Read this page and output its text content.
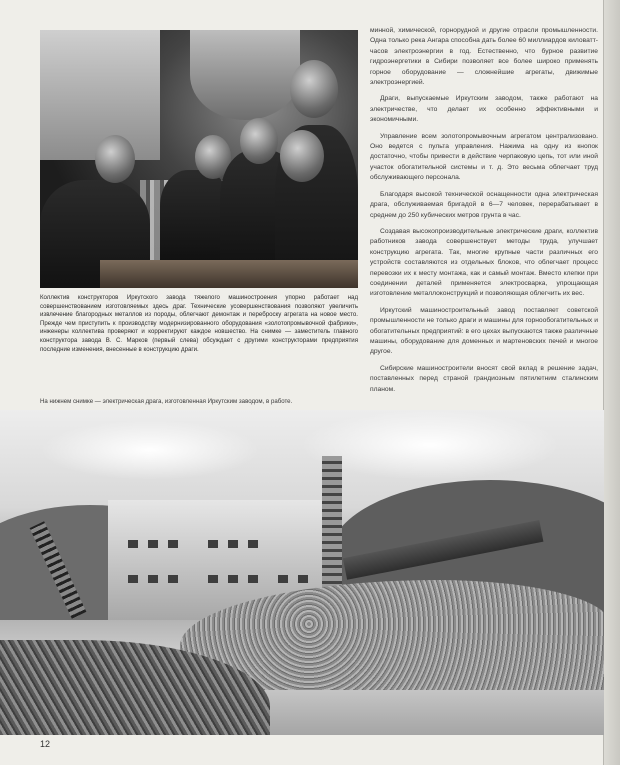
Коллектив конструкторов Иркутского завода тяжелого машиностроения упорно работает над совершенствованием изготовляемых здесь драг. Технические усовершенствования позволяют увеличить извлечение благородных металлов из породы, облегчают демонтаж и переброску агрегата на новое место. Прежде чем приступить к производству модернизированного оборудования «золотопромывочной фабрики», инженеры коллектива проверяют и корректируют каждое новшество. На снимке — заместитель главного конструктора завода В. С. Марков (первый слева) обсуждает с другими конструкторами предприятия последние изменения, внесенные в конструкцию драги.

минной, химической, горнорудной и другие отрасли промышленности. Одна только река Ангара способна дать более 60 миллиардов киловатт-часов электроэнергии в год. Естественно, что бурное развитие гидроэнергетики в Сибири позволяет все более широко применять горное оборудование — сложнейшие агрегаты, движимые электроэнергией.

Драги, выпускаемые Иркутским заводом, также работают на электричестве, что делает их особенно эффективными и экономичными.

Управление всем золотопромывочным агрегатом централизовано. Оно ведется с пульта управления. Нажима на одну из кнопок достаточно, чтобы привести в действие черпаковую цепь, тот или иной участок обогатительной системы и т. д. Это весьма облегчает труд обслуживающего персонала.

Благодаря высокой технической оснащенности одна электрическая драга, обслуживаемая бригадой в 6—7 человек, перерабатывает в среднем до 250 кубических метров грунта в час.

Создавая высокопроизводительные электрические драги, коллектив работников завода совершенствует методы труда, улучшает конструкцию агрегата. Так, многие крупные части различных его устройств составляются из отдельных блоков, что облегчает процесс перевозки их к месту монтажа, как и самый монтаж. Вместо клепки при соединении деталей применяется электросварка, упрощающая изготовление металлоконструкций и позволяющая облегчить их вес.

Иркутский машиностроительный завод поставляет советской промышленности не только драги и машины для горнообогатительных и обогатительных предприятий: в его цехах выпускаются также различные машины, оборудование для доменных и мартеновских печей и многое другое.

Сибирские машиностроители вносят свой вклад в решение задач, поставленных перед страной грандиозным пятилетним сталинским планом.

На нижнем снимке — электрическая драга, изготовленная Иркутским заводом, в работе.
12
